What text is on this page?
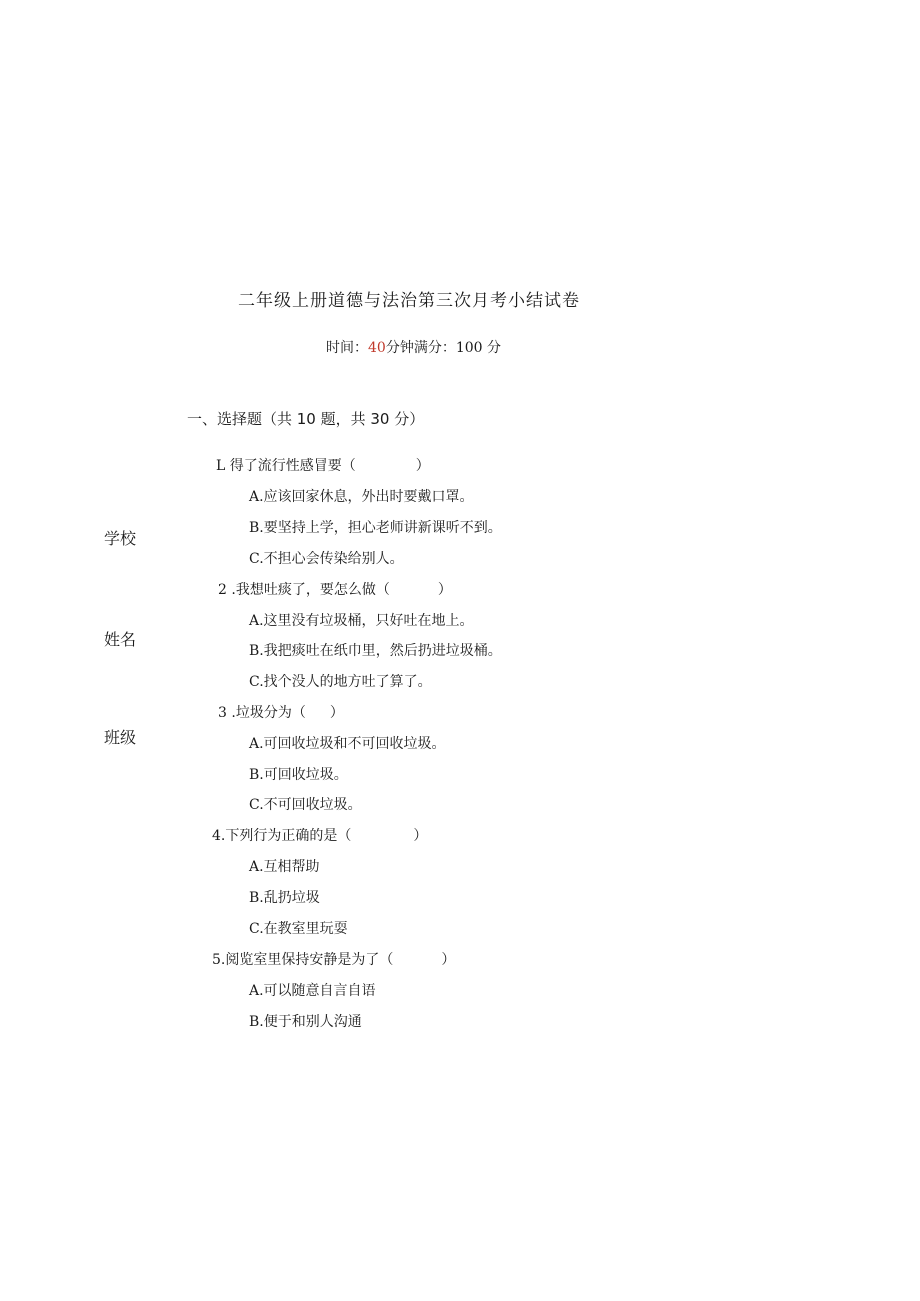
二年级上册道德与法治第三次月考小结试卷
时间：40分钟满分：100 分
一、选择题（共 10 题，共 30 分）
学校
姓名
班级
L 得了流行性感冒要（	）
A.应该回家休息，外出时要戴口罩。
B.要坚持上学，担心老师讲新课听不到。
C.不担心会传染给别人。
2 .我想吐痰了，要怎么做（	）
A.这里没有垃圾桶，只好吐在地上。
B.我把痰吐在纸巾里，然后扔进垃圾桶。
C.找个没人的地方吐了算了。
3 .垃圾分为（ ）
A.可回收垃圾和不可回收垃圾。
B.可回收垃圾。
C.不可回收垃圾。
4.下列行为正确的是（	）
A.互相帮助
B.乱扔垃圾
C.在教室里玩耍
5.阅览室里保持安静是为了（	）
A.可以随意自言自语
B.便于和别人沟通
